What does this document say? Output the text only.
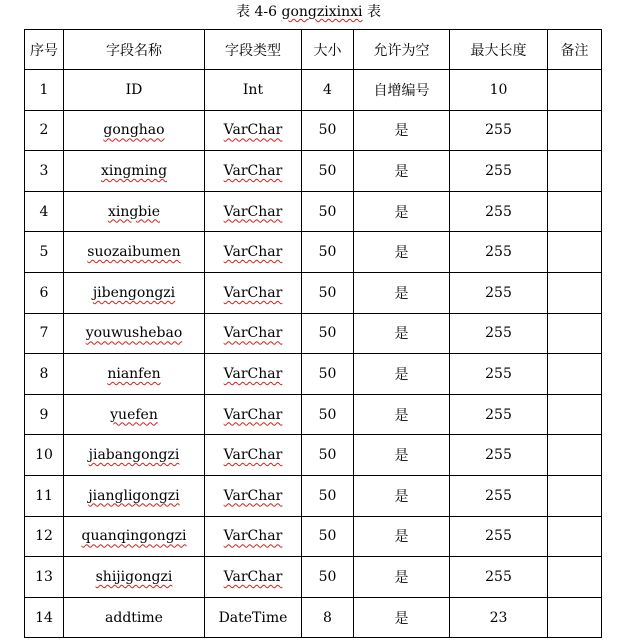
表 4-6 gongzixinxi 表
序号	字段名称	字段类型	大小	允许为空	最大长度	备注
1	ID	Int	4	自增编号	10	
2	gonghao	VarChar	50	是	255	
3	xingming	VarChar	50	是	255	
4	xingbie	VarChar	50	是	255	
5	suozaibumen	VarChar	50	是	255	
6	jibengongzi	VarChar	50	是	255	
7	youwushebao	VarChar	50	是	255	
8	nianfen	VarChar	50	是	255	
9	yuefen	VarChar	50	是	255	
10	jiabangongzi	VarChar	50	是	255	
11	jiangligongzi	VarChar	50	是	255	
12	quanqingongzi	VarChar	50	是	255	
13	shijigongzi	VarChar	50	是	255	
14	addtime	DateTime	8	是	23	
